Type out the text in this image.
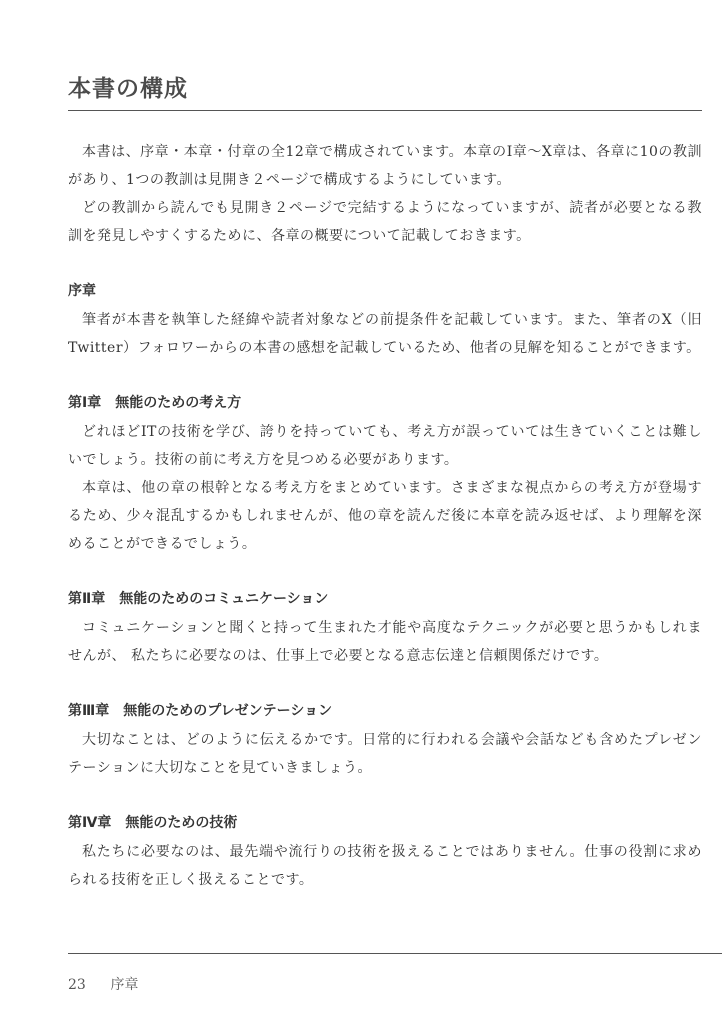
本書の構成

本書は、序章・本章・付章の全12章で構成されています。本章のⅠ章〜Ⅹ章は、各章に10の教訓があり、1つの教訓は見開き２ページで構成するようにしています。

どの教訓から読んでも見開き２ページで完結するようになっていますが、読者が必要となる教訓を発見しやすくするために、各章の概要について記載しておきます。

序章

筆者が本書を執筆した経緯や読者対象などの前提条件を記載しています。また、筆者のX（旧Twitter）フォロワーからの本書の感想を記載しているため、他者の見解を知ることができます。

第Ⅰ章　無能のための考え方

どれほどITの技術を学び、誇りを持っていても、考え方が誤っていては生きていくことは難しいでしょう。技術の前に考え方を見つめる必要があります。

本章は、他の章の根幹となる考え方をまとめています。さまざまな視点からの考え方が登場するため、少々混乱するかもしれませんが、他の章を読んだ後に本章を読み返せば、より理解を深めることができるでしょう。

第Ⅱ章　無能のためのコミュニケーション

コミュニケーションと聞くと持って生まれた才能や高度なテクニックが必要と思うかもしれませんが、 私たちに必要なのは、仕事上で必要となる意志伝達と信頼関係だけです。

第Ⅲ章　無能のためのプレゼンテーション

大切なことは、どのように伝えるかです。日常的に行われる会議や会話なども含めたプレゼンテーションに大切なことを見ていきましょう。

第Ⅳ章　無能のための技術

私たちに必要なのは、最先端や流行りの技術を扱えることではありません。仕事の役割に求められる技術を正しく扱えることです。

23 序章
